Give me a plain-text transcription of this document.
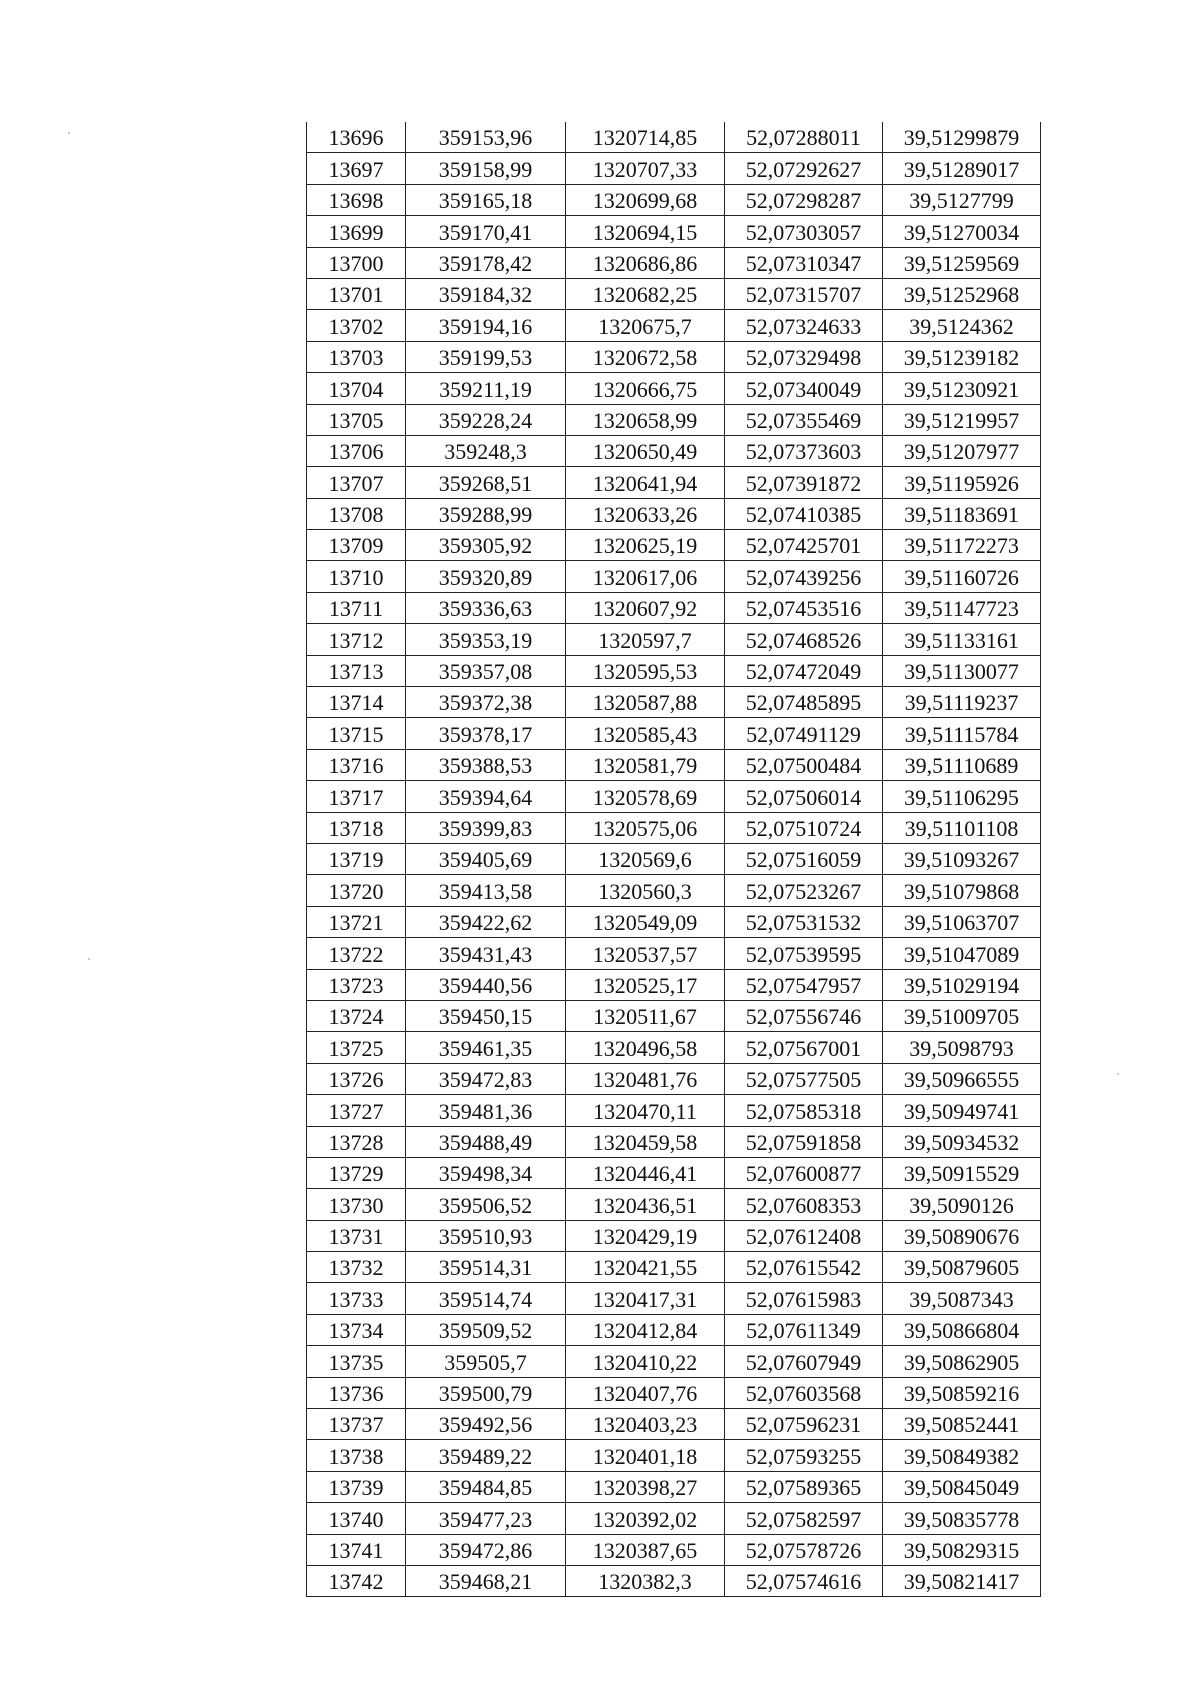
13696	359153,96	1320714,85	52,07288011	39,51299879
13697	359158,99	1320707,33	52,07292627	39,51289017
13698	359165,18	1320699,68	52,07298287	39,5127799
13699	359170,41	1320694,15	52,07303057	39,51270034
13700	359178,42	1320686,86	52,07310347	39,51259569
13701	359184,32	1320682,25	52,07315707	39,51252968
13702	359194,16	1320675,7	52,07324633	39,5124362
13703	359199,53	1320672,58	52,07329498	39,51239182
13704	359211,19	1320666,75	52,07340049	39,51230921
13705	359228,24	1320658,99	52,07355469	39,51219957
13706	359248,3	1320650,49	52,07373603	39,51207977
13707	359268,51	1320641,94	52,07391872	39,51195926
13708	359288,99	1320633,26	52,07410385	39,51183691
13709	359305,92	1320625,19	52,07425701	39,51172273
13710	359320,89	1320617,06	52,07439256	39,51160726
13711	359336,63	1320607,92	52,07453516	39,51147723
13712	359353,19	1320597,7	52,07468526	39,51133161
13713	359357,08	1320595,53	52,07472049	39,51130077
13714	359372,38	1320587,88	52,07485895	39,51119237
13715	359378,17	1320585,43	52,07491129	39,51115784
13716	359388,53	1320581,79	52,07500484	39,51110689
13717	359394,64	1320578,69	52,07506014	39,51106295
13718	359399,83	1320575,06	52,07510724	39,51101108
13719	359405,69	1320569,6	52,07516059	39,51093267
13720	359413,58	1320560,3	52,07523267	39,51079868
13721	359422,62	1320549,09	52,07531532	39,51063707
13722	359431,43	1320537,57	52,07539595	39,51047089
13723	359440,56	1320525,17	52,07547957	39,51029194
13724	359450,15	1320511,67	52,07556746	39,51009705
13725	359461,35	1320496,58	52,07567001	39,5098793
13726	359472,83	1320481,76	52,07577505	39,50966555
13727	359481,36	1320470,11	52,07585318	39,50949741
13728	359488,49	1320459,58	52,07591858	39,50934532
13729	359498,34	1320446,41	52,07600877	39,50915529
13730	359506,52	1320436,51	52,07608353	39,5090126
13731	359510,93	1320429,19	52,07612408	39,50890676
13732	359514,31	1320421,55	52,07615542	39,50879605
13733	359514,74	1320417,31	52,07615983	39,5087343
13734	359509,52	1320412,84	52,07611349	39,50866804
13735	359505,7	1320410,22	52,07607949	39,50862905
13736	359500,79	1320407,76	52,07603568	39,50859216
13737	359492,56	1320403,23	52,07596231	39,50852441
13738	359489,22	1320401,18	52,07593255	39,50849382
13739	359484,85	1320398,27	52,07589365	39,50845049
13740	359477,23	1320392,02	52,07582597	39,50835778
13741	359472,86	1320387,65	52,07578726	39,50829315
13742	359468,21	1320382,3	52,07574616	39,50821417
